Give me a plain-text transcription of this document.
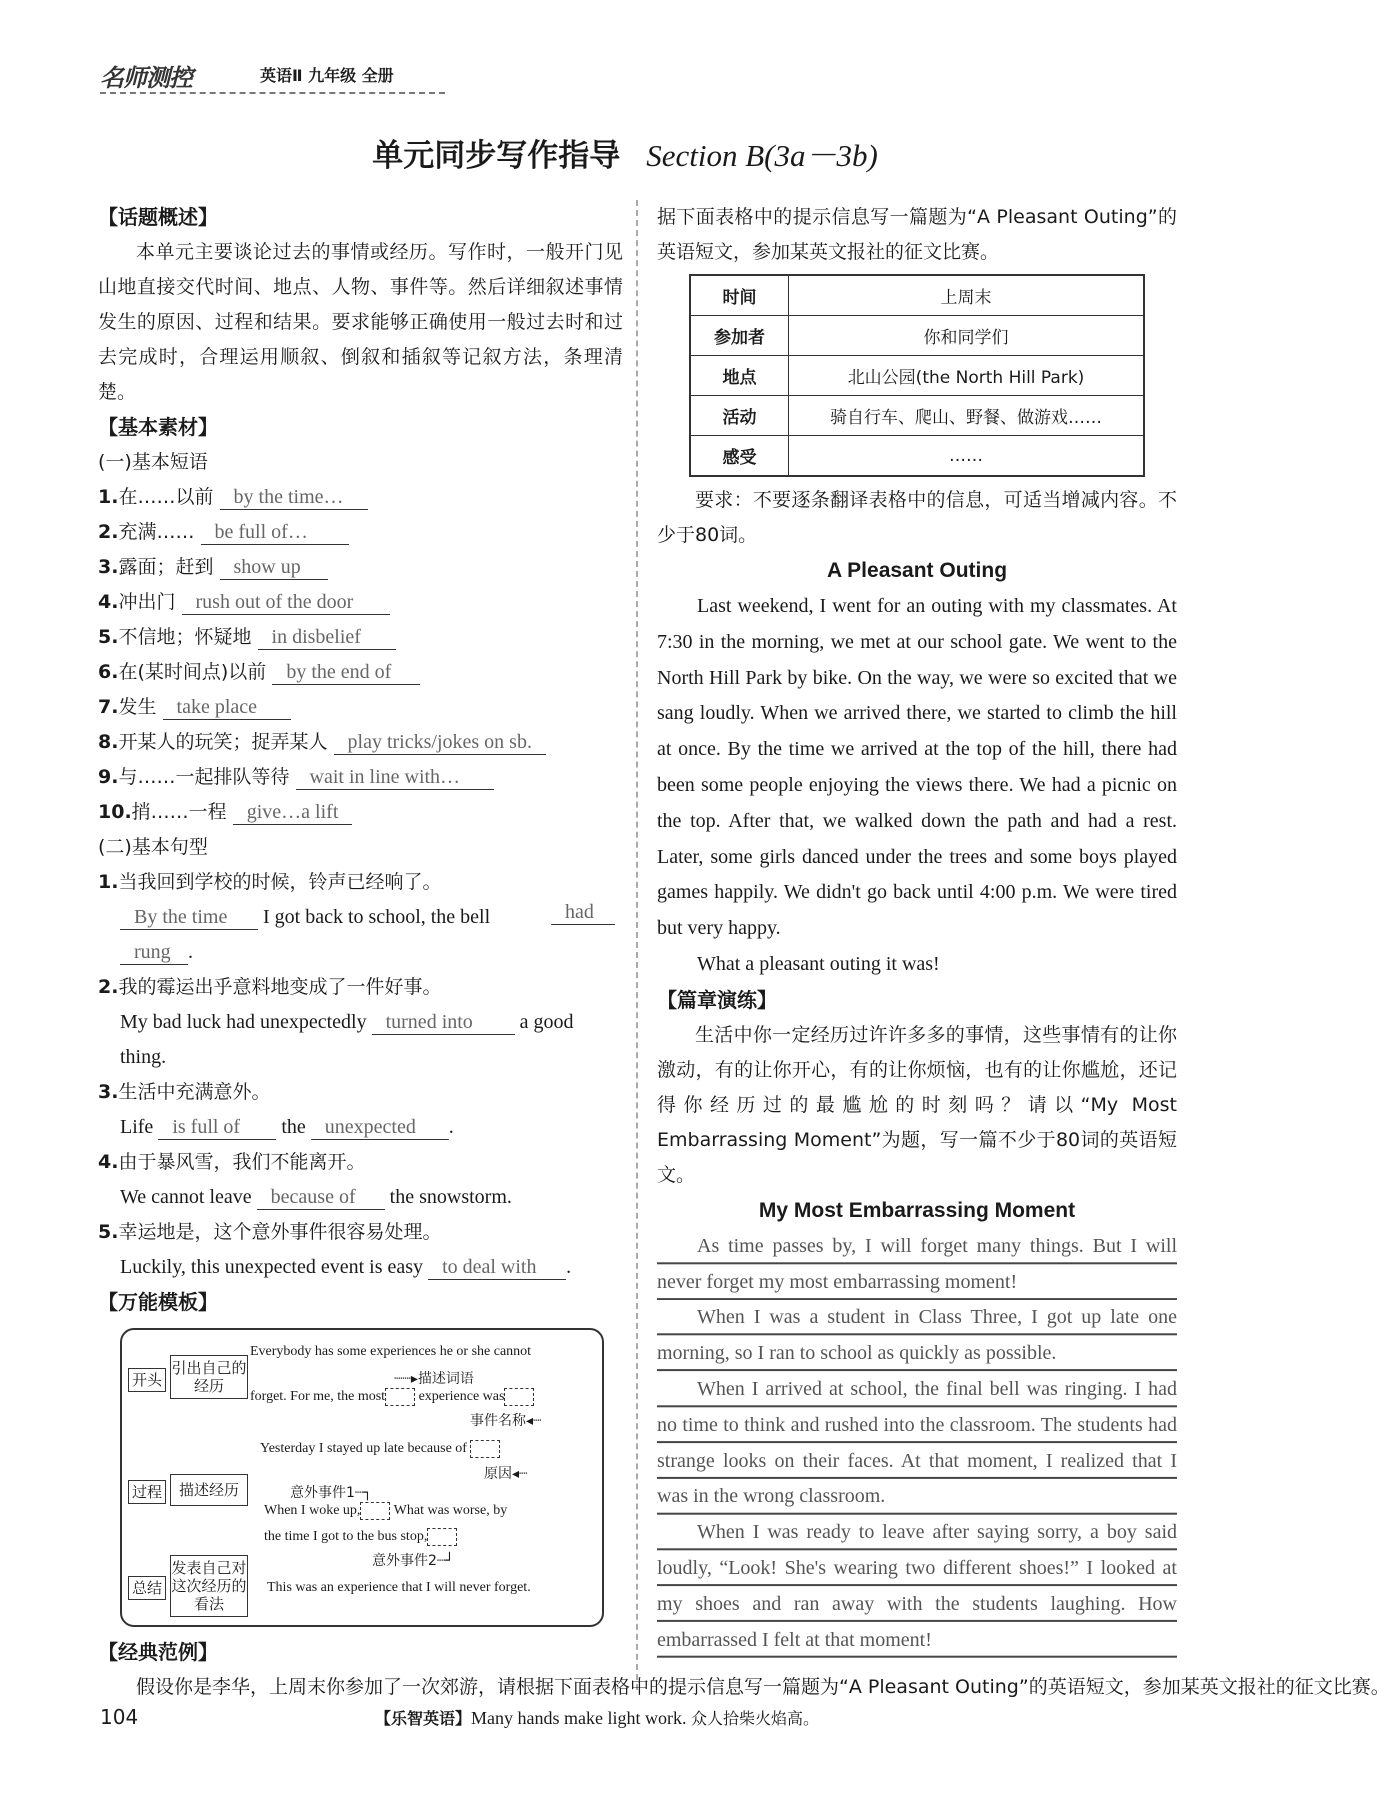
名师测控	英语Ⅱ 九年级 全册
单元同步写作指导 Section B(3a－3b)
【话题概述】

本单元主要谈论过去的事情或经历。写作时，一般开门见山地直接交代时间、地点、人物、事件等。然后详细叙述事情发生的原因、过程和结果。要求能够正确使用一般过去时和过去完成时，合理运用顺叙、倒叙和插叙等记叙方法，条理清楚。

【基本素材】
(一)基本短语
1.在……以前 by the time…
2.充满…… be full of…
3.露面；赶到 show up
4.冲出门 rush out of the door
5.不信地；怀疑地 in disbelief
6.在(某时间点)以前 by the end of
7.发生 take place
8.开某人的玩笑；捉弄某人 play tricks/jokes on sb.
9.与……一起排队等待 wait in line with…
10.捎……一程 give…a lift
(二)基本句型
1.当我回到学校的时候，铃声已经响了。
By the time I got back to school, the bell	had
rung .
2.我的霉运出乎意料地变成了一件好事。
My bad luck had unexpectedly turned into a good
thing.
3.生活中充满意外。
Life is full of the unexpected .
4.由于暴风雪，我们不能离开。
We cannot leave because of the snowstorm.
5.幸运地是，这个意外事件很容易处理。
Luckily, this unexpected event is easy to deal with .
【万能模板】
开头
引出自己的经历
Everybody has some experiences he or she cannot
┈┈▸描述词语
forget. For me, the most experience was
事件名称◂┈
Yesterday I stayed up late because of
原因◂┈
过程	描述经历	意外事件1┈┐
When I woke up, What was worse, by
the time I got to the bus stop,
意外事件2┈┘
总结
发表自己对这次经历的看法
This was an experience that I will never forget.
【经典范例】

假设你是李华，上周末你参加了一次郊游，请根据下面表格中的提示信息写一篇题为“A Pleasant Outing”的英语短文，参加某英文报社的征文比赛。

据下面表格中的提示信息写一篇题为“A Pleasant Outing”的英语短文，参加某英文报社的征文比赛。

时间	上周末
参加者	你和同学们
地点	北山公园(the North Hill Park)
活动	骑自行车、爬山、野餐、做游戏……
感受	……

要求：不要逐条翻译表格中的信息，可适当增减内容。不少于80词。

A Pleasant Outing

Last weekend, I went for an outing with my classmates. At 7:30 in the morning, we met at our school gate. We went to the North Hill Park by bike. On the way, we were so excited that we sang loudly. When we arrived there, we started to climb the hill at once. By the time we arrived at the top of the hill, there had been some people enjoying the views there. We had a picnic on the top. After that, we walked down the path and had a rest. Later, some girls danced under the trees and some boys played games happily. We didn't go back until 4:00 p.m. We were tired but very happy.

What a pleasant outing it was!

【篇章演练】

生活中你一定经历过许许多多的事情，这些事情有的让你激动，有的让你开心，有的让你烦恼，也有的让你尴尬，还记得你经历过的最尴尬的时刻吗？请以“My Most Embarrassing Moment”为题，写一篇不少于80词的英语短文。

My Most Embarrassing Moment

As time passes by, I will forget many things. But I will never forget my most embarrassing moment!

When I was a student in Class Three, I got up late one morning, so I ran to school as quickly as possible.

When I arrived at school, the final bell was ringing. I had no time to think and rushed into the classroom. The students had strange looks on their faces. At that moment, I realized that I was in the wrong classroom.

When I was ready to leave after saying sorry, a boy said loudly, “Look! She's wearing two different shoes!” I looked at my shoes and ran away with the students laughing. How embarrassed I felt at that moment!

104	【乐智英语】Many hands make light work. 众人拾柴火焰高。
